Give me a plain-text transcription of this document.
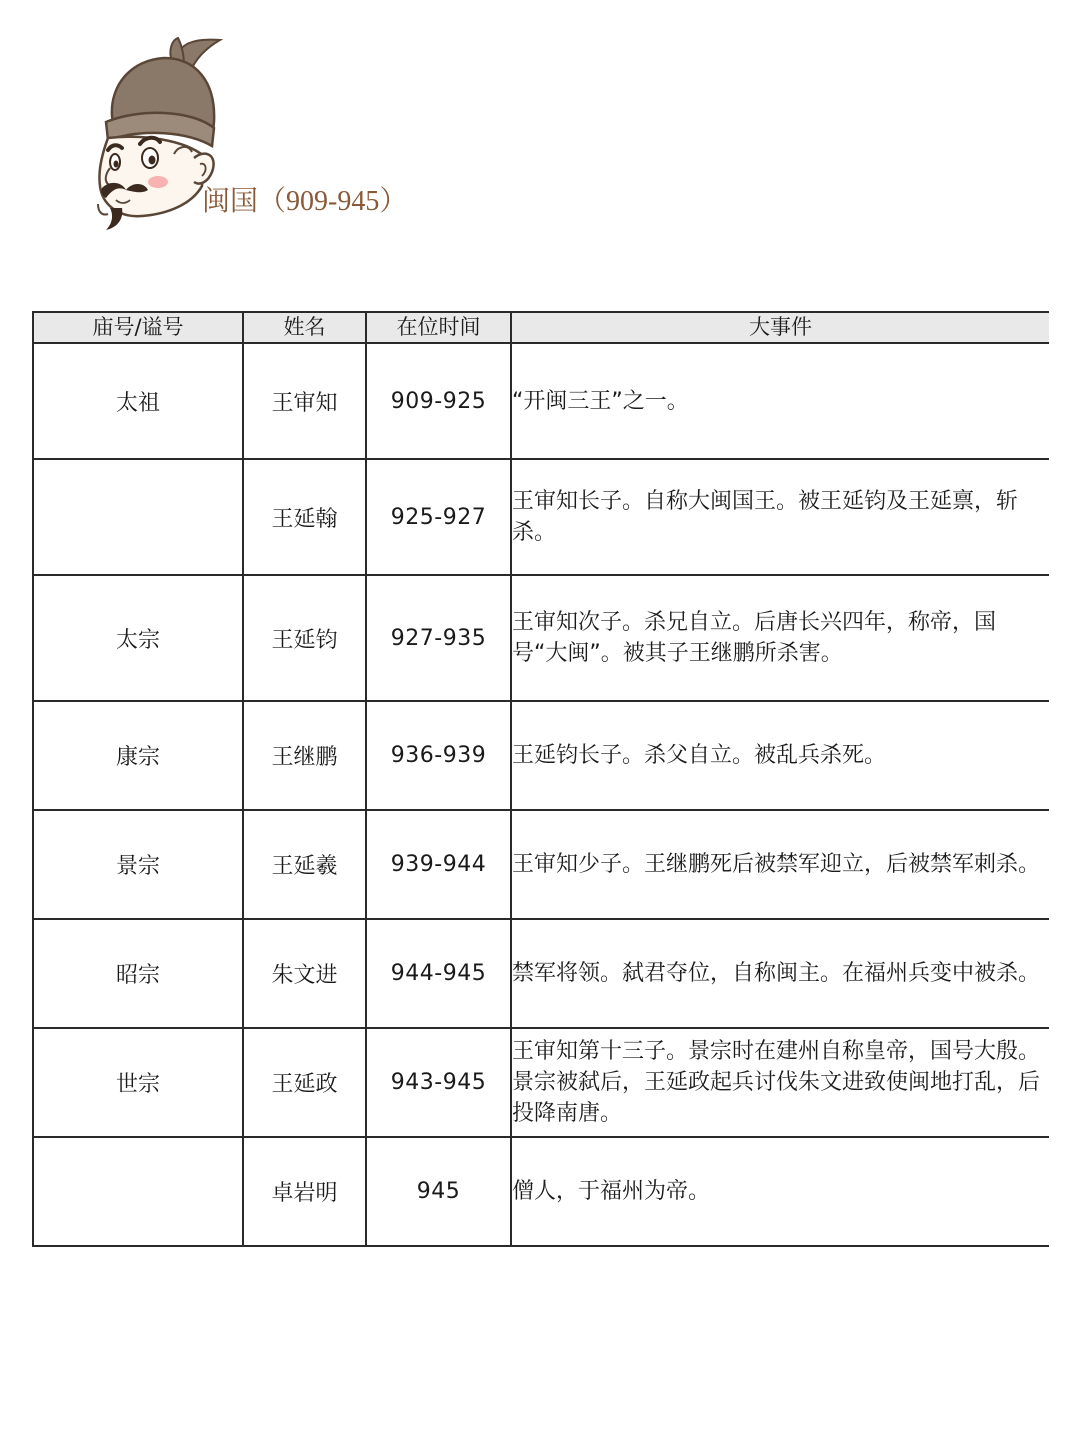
闽国（909-945）
庙号/谥号	姓名	在位时间	大事件
太祖	王审知	909-925	“开闽三王”之一。
	王延翰	925-927	王审知长子。自称大闽国王。被王延钧及王延禀，斩杀。
太宗	王延钧	927-935	王审知次子。杀兄自立。后唐长兴四年，称帝，国号“大闽”。被其子王继鹏所杀害。
康宗	王继鹏	936-939	王延钧长子。杀父自立。被乱兵杀死。
景宗	王延羲	939-944	王审知少子。王继鹏死后被禁军迎立，后被禁军刺杀。
昭宗	朱文进	944-945	禁军将领。弑君夺位，自称闽主。在福州兵变中被杀。
世宗	王延政	943-945	王审知第十三子。景宗时在建州自称皇帝，国号大殷。景宗被弑后，王延政起兵讨伐朱文进致使闽地打乱，后投降南唐。
	卓岩明	945	僧人，于福州为帝。
